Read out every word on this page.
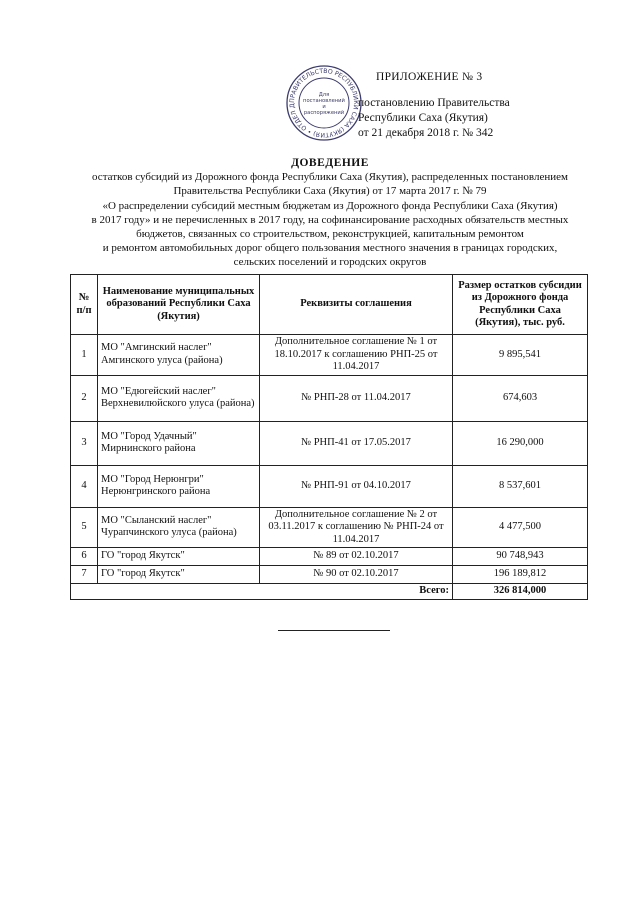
ПРАВИТЕЛЬСТВО РЕСПУБЛИКИ САХА (ЯКУТИЯ) • ОТДЕЛ Д
Для постановлений и распоряжений
ПРИЛОЖЕНИЕ № 3
постановлению Правительства
Республики Саха (Якутия)
от 21 декабря 2018 г. № 342
ДОВЕДЕНИЕ
остатков субсидий из Дорожного фонда Республики Саха (Якутия), распределенных постановлением
Правительства Республики Саха (Якутия) от 17 марта 2017 г. № 79
«О распределении субсидий местным бюджетам из Дорожного фонда Республики Саха (Якутия)
в 2017 году» и не перечисленных в 2017 году, на софинансирование расходных обязательств местных
бюджетов, связанных со строительством, реконструкцией, капитальным ремонтом
и ремонтом автомобильных дорог общего пользования местного значения в границах городских,
сельских поселений и городских округов
№ п/п	Наименование муниципальных образований Республики Саха (Якутия)	Реквизиты соглашения	Размер остатков субсидии из Дорожного фонда Республики Саха (Якутия), тыс. руб.
1	МО "Амгинский наслег" Амгинского улуса (района)	Дополнительное соглашение № 1 от 18.10.2017 к соглашению РНП-25 от 11.04.2017	9 895,541
2	МО "Едюгейский наслег" Верхневилюйского улуса (района)	№ РНП-28 от 11.04.2017	674,603
3	МО "Город Удачный" Мирнинского района	№ РНП-41 от 17.05.2017	16 290,000
4	МО "Город Нерюнгри" Нерюнгринского района	№ РНП-91 от 04.10.2017	8 537,601
5	МО "Сыланский наслег" Чурапчинского улуса (района)	Дополнительное соглашение № 2 от 03.11.2017 к соглашению № РНП-24 от 11.04.2017	4 477,500
6	ГО "город Якутск"	№ 89 от 02.10.2017	90 748,943
7	ГО "город Якутск"	№ 90 от 02.10.2017	196 189,812
Всего:			326 814,000
